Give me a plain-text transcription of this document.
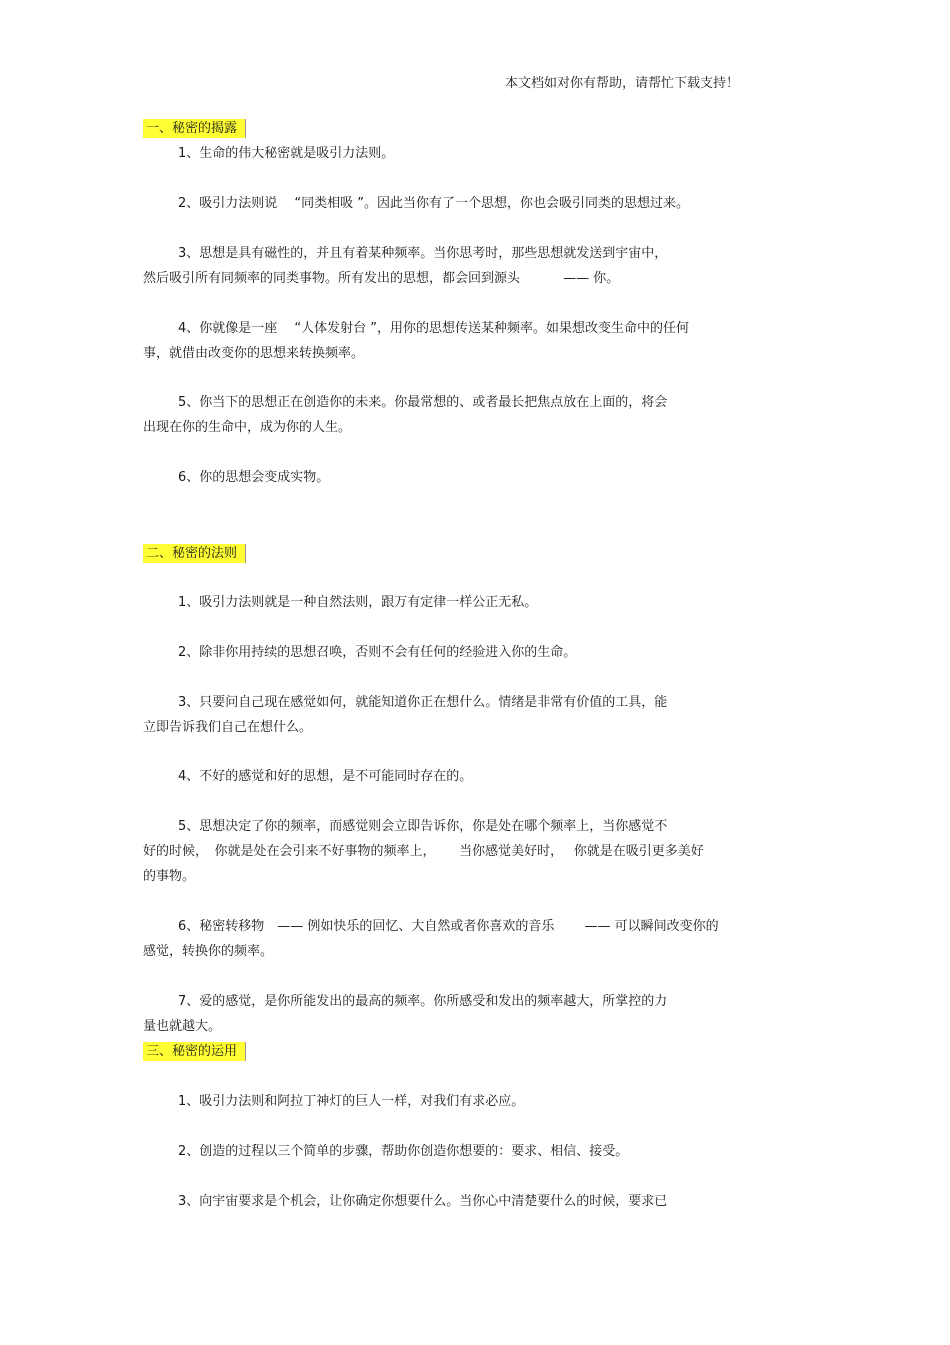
本文档如对你有帮助，请帮忙下载支持！
一、秘密的揭露
1、生命的伟大秘密就是吸引力法则。
2、吸引力法则说　 “同类相吸 ”。因此当你有了一个思想，你也会吸引同类的思想过来。
3、思想是具有磁性的，并且有着某种频率。当你思考时，那些思想就发送到宇宙中，
然后吸引所有同频率的同类事物。所有发出的思想，都会回到源头 　　　—— 你。
4、你就像是一座　 “人体发射台 ”，用你的思想传送某种频率。如果想改变生命中的任何
事，就借由改变你的思想来转换频率。
5、你当下的思想正在创造你的未来。你最常想的、或者最长把焦点放在上面的，将会
出现在你的生命中，成为你的人生。
6、你的思想会变成实物。
二、秘密的法则
1、吸引力法则就是一种自然法则，跟万有定律一样公正无私。
2、除非你用持续的思想召唤，否则不会有任何的经验进入你的生命。
3、只要问自己现在感觉如何，就能知道你正在想什么。情绪是非常有价值的工具，能
立即告诉我们自己在想什么。
4、不好的感觉和好的思想，是不可能同时存在的。
5、思想决定了你的频率，而感觉则会立即告诉你，你是处在哪个频率上，当你感觉不
好的时候，　你就是处在会引来不好事物的频率上，　　 当你感觉美好时，　 你就是在吸引更多美好
的事物。
6、秘密转移物　—— 例如快乐的回忆、大自然或者你喜欢的音乐 　　—— 可以瞬间改变你的
感觉，转换你的频率。
7、爱的感觉，是你所能发出的最高的频率。你所感受和发出的频率越大，所掌控的力
量也就越大。
三、秘密的运用
1、吸引力法则和阿拉丁神灯的巨人一样，对我们有求必应。
2、创造的过程以三个简单的步骤，帮助你创造你想要的：要求、相信、接受。
3、向宇宙要求是个机会，让你确定你想要什么。当你心中清楚要什么的时候，要求已
